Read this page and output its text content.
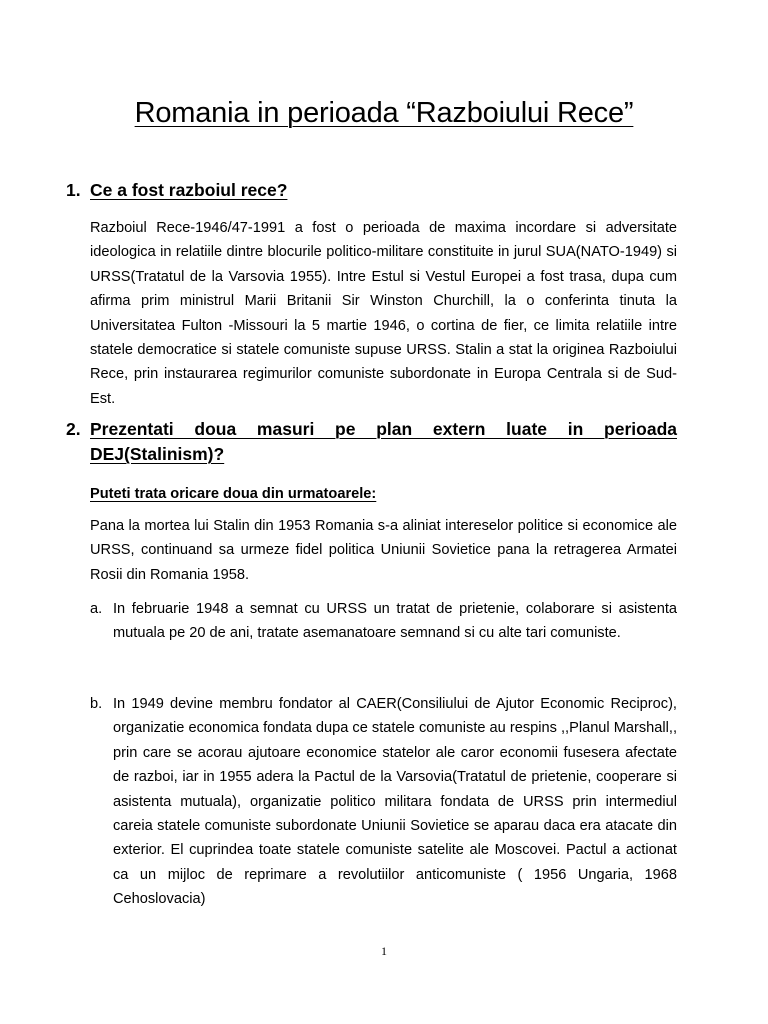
Romania in perioada “Razboiului Rece”
1. Ce a fost razboiul rece?
Razboiul Rece-1946/47-1991 a fost o perioada de maxima incordare si adversitate ideologica in relatiile dintre blocurile politico-militare constituite in jurul SUA(NATO-1949) si URSS(Tratatul de la Varsovia 1955). Intre Estul si Vestul Europei a fost trasa, dupa cum afirma prim ministrul Marii Britanii Sir Winston Churchill, la o conferinta tinuta la Universitatea Fulton -Missouri la 5 martie 1946, o cortina de fier, ce limita relatiile intre statele democratice si statele comuniste supuse URSS. Stalin a stat la originea Razboiului Rece, prin instaurarea regimurilor comuniste subordonate in Europa Centrala si de Sud-Est.
2. Prezentati doua masuri pe plan extern luate in perioada DEJ(Stalinism)?
Puteti trata oricare doua din urmatoarele:
Pana la mortea lui Stalin din 1953 Romania s-a aliniat intereselor politice si economice ale URSS, continuand sa urmeze fidel politica Uniunii Sovietice pana la retragerea Armatei Rosii din Romania 1958.
a. In februarie 1948 a semnat cu URSS un tratat de prietenie, colaborare si asistenta mutuala pe 20 de ani, tratate asemanatoare semnand si cu alte tari comuniste.
b. In 1949 devine membru fondator al CAER(Consiliului de Ajutor Economic Reciproc), organizatie economica fondata dupa ce statele comuniste au respins ,,Planul Marshall,, prin care se acorau ajutoare economice statelor ale caror economii fusesera afectate de razboi, iar in 1955 adera la Pactul de la Varsovia(Tratatul de prietenie, cooperare si asistenta mutuala), organizatie politico militara fondata de URSS prin intermediul careia statele comuniste subordonate Uniunii Sovietice se aparau daca era atacate din exterior. El cuprindea toate statele comuniste satelite ale Moscovei. Pactul a actionat ca un mijloc de reprimare a revolutiilor anticomuniste ( 1956 Ungaria, 1968 Cehoslovacia)
1
